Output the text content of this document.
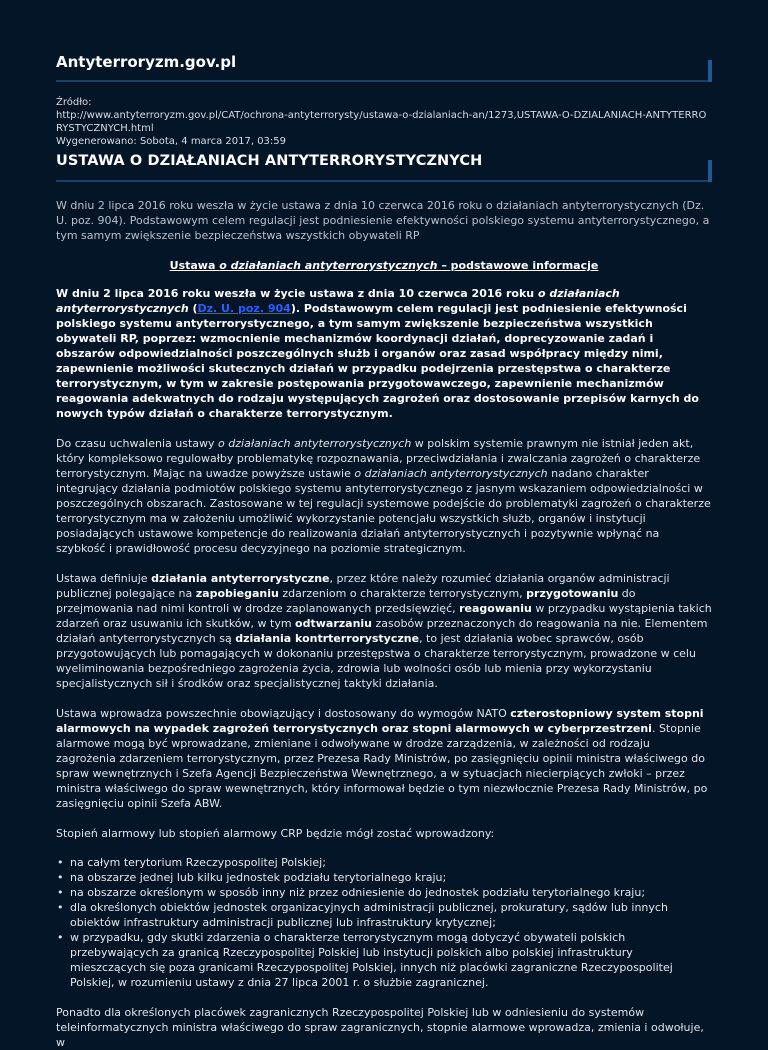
Antyterroryzm.gov.pl
Źródło:
http://www.antyterroryzm.gov.pl/CAT/ochrona-antyterrorysty/ustawa-o-dzialaniach-an/1273,USTAWA-O-DZIALANIACH-ANTYTERRORYSTYCZNYCH.html
Wygenerowano: Sobota, 4 marca 2017, 03:59
USTAWA O DZIAŁANIACH ANTYTERRORYSTYCZNYCH
W dniu 2 lipca 2016 roku weszła w życie ustawa z dnia 10 czerwca 2016 roku o działaniach antyterrorystycznych (Dz. U. poz. 904). Podstawowym celem regulacji jest podniesienie efektywności polskiego systemu antyterrorystycznego, a tym samym zwiększenie bezpieczeństwa wszystkich obywateli RP
Ustawa o działaniach antyterrorystycznych – podstawowe informacje
W dniu 2 lipca 2016 roku weszła w życie ustawa z dnia 10 czerwca 2016 roku o działaniach antyterrorystycznych (Dz. U. poz. 904). Podstawowym celem regulacji jest podniesienie efektywności polskiego systemu antyterrorystycznego, a tym samym zwiększenie bezpieczeństwa wszystkich obywateli RP, poprzez: wzmocnienie mechanizmów koordynacji działań, doprecyzowanie zadań i obszarów odpowiedzialności poszczególnych służb i organów oraz zasad współpracy między nimi, zapewnienie możliwości skutecznych działań w przypadku podejrzenia przestępstwa o charakterze terrorystycznym, w tym w zakresie postępowania przygotowawczego, zapewnienie mechanizmów reagowania adekwatnych do rodzaju występujących zagrożeń oraz dostosowanie przepisów karnych do nowych typów działań o charakterze terrorystycznym.
Do czasu uchwalenia ustawy o działaniach antyterrorystycznych w polskim systemie prawnym nie istniał jeden akt, który kompleksowo regulowałby problematykę rozpoznawania, przeciwdziałania i zwalczania zagrożeń o charakterze terrorystycznym. Mając na uwadze powyższe ustawie o działaniach antyterrorystycznych nadano charakter integrujący działania podmiotów polskiego systemu antyterrorystycznego z jasnym wskazaniem odpowiedzialności w poszczególnych obszarach. Zastosowane w tej regulacji systemowe podejście do problematyki zagrożeń o charakterze terrorystycznym ma w założeniu umożliwić wykorzystanie potencjału wszystkich służb, organów i instytucji posiadających ustawowe kompetencje do realizowania działań antyterrorystycznych i pozytywnie wpłynąć na szybkość i prawidłowość procesu decyzyjnego na poziomie strategicznym.
Ustawa definiuje działania antyterrorystyczne, przez które należy rozumieć działania organów administracji publicznej polegające na zapobieganiu zdarzeniom o charakterze terrorystycznym, przygotowaniu do przejmowania nad nimi kontroli w drodze zaplanowanych przedsięwzięć, reagowaniu w przypadku wystąpienia takich zdarzeń oraz usuwaniu ich skutków, w tym odtwarzaniu zasobów przeznaczonych do reagowania na nie. Elementem działań antyterrorystycznych są działania kontrterrorystyczne, to jest działania wobec sprawców, osób przygotowujących lub pomagających w dokonaniu przestępstwa o charakterze terrorystycznym, prowadzone w celu wyeliminowania bezpośredniego zagrożenia życia, zdrowia lub wolności osób lub mienia przy wykorzystaniu specjalistycznych sił i środków oraz specjalistycznej taktyki działania.
Ustawa wprowadza powszechnie obowiązujący i dostosowany do wymogów NATO czterostopniowy system stopni alarmowych na wypadek zagrożeń terrorystycznych oraz stopni alarmowych w cyberprzestrzeni. Stopnie alarmowe mogą być wprowadzane, zmieniane i odwoływane w drodze zarządzenia, w zależności od rodzaju zagrożenia zdarzeniem terrorystycznym, przez Prezesa Rady Ministrów, po zasięgnięciu opinii ministra właściwego do spraw wewnętrznych i Szefa Agencji Bezpieczeństwa Wewnętrznego, a w sytuacjach niecierpiących zwłoki – przez ministra właściwego do spraw wewnętrznych, który informował będzie o tym niezwłocznie Prezesa Rady Ministrów, po zasięgnięciu opinii Szefa ABW.
Stopień alarmowy lub stopień alarmowy CRP będzie mógł zostać wprowadzony:
• na całym terytorium Rzeczypospolitej Polskiej;
• na obszarze jednej lub kilku jednostek podziału terytorialnego kraju;
• na obszarze określonym w sposób inny niż przez odniesienie do jednostek podziału terytorialnego kraju;
• dla określonych obiektów jednostek organizacyjnych administracji publicznej, prokuratury, sądów lub innych obiektów infrastruktury administracji publicznej lub infrastruktury krytycznej;
• w przypadku, gdy skutki zdarzenia o charakterze terrorystycznym mogą dotyczyć obywateli polskich przebywających za granicą Rzeczypospolitej Polskiej lub instytucji polskich albo polskiej infrastruktury mieszczących się poza granicami Rzeczypospolitej Polskiej, innych niż placówki zagraniczne Rzeczypospolitej Polskiej, w rozumieniu ustawy z dnia 27 lipca 2001 r. o służbie zagranicznej.
Ponadto dla określonych placówek zagranicznych Rzeczypospolitej Polskiej lub w odniesieniu do systemów teleinformatycznych ministra właściwego do spraw zagranicznych, stopnie alarmowe wprowadza, zmienia i odwołuje, w
